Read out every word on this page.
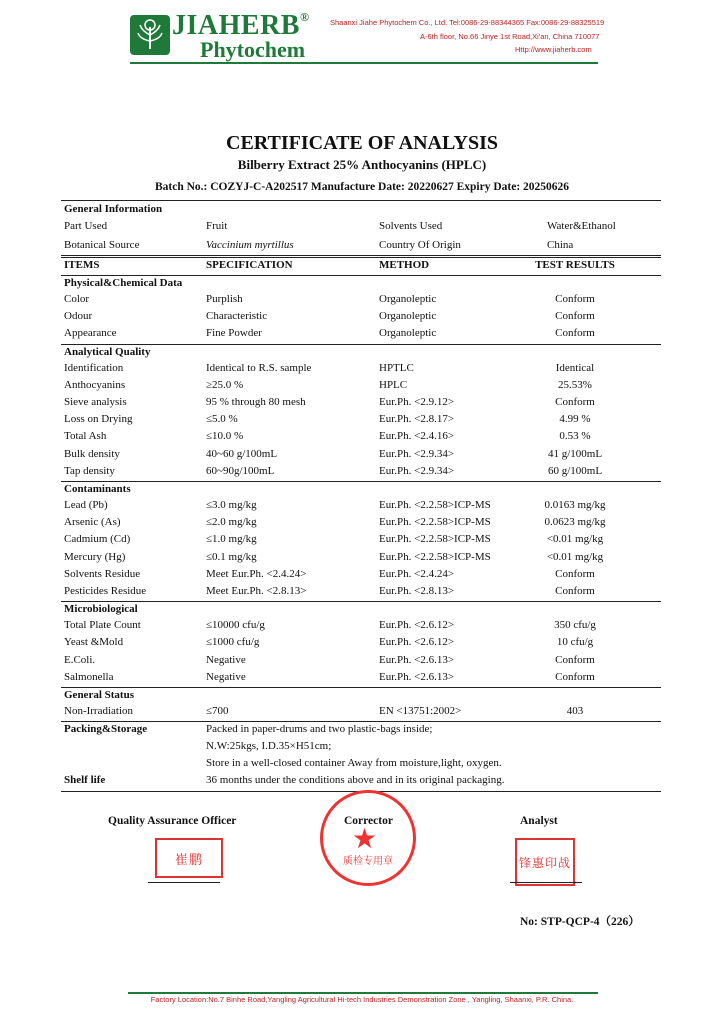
JIAHERB®
Phytochem
Shaanxi Jiahe Phytochem Co., Ltd. Tel:0086-29-88344365 Fax:0086-29-88325519
A-6th floor, No.66 Jinye 1st Road,Xi'an, China 710077
Http://www.jiaherb.com
CERTIFICATE OF ANALYSIS
Bilberry Extract 25% Anthocyanins (HPLC)
Batch No.: COZYJ-C-A202517 Manufacture Date: 20220627 Expiry Date: 20250626
General Information
Part Used	Fruit	Solvents Used	Water&Ethanol
Botanical Source	Vaccinium myrtillus	Country Of Origin	China
ITEMS	SPECIFICATION	METHOD	TEST RESULTS
Physical&Chemical Data
Color	Purplish	Organoleptic	Conform
Odour	Characteristic	Organoleptic	Conform
Appearance	Fine Powder	Organoleptic	Conform
Analytical Quality
Identification	Identical to R.S. sample	HPTLC	Identical
Anthocyanins	≥25.0 %	HPLC	25.53%
Sieve analysis	95 % through 80 mesh	Eur.Ph. <2.9.12>	Conform
Loss on Drying	≤5.0 %	Eur.Ph. <2.8.17>	4.99 %
Total Ash	≤10.0 %	Eur.Ph. <2.4.16>	0.53 %
Bulk density	40~60 g/100mL	Eur.Ph. <2.9.34>	41 g/100mL
Tap density	60~90g/100mL	Eur.Ph. <2.9.34>	60 g/100mL
Contaminants
Lead (Pb)	≤3.0 mg/kg	Eur.Ph. <2.2.58>ICP-MS	0.0163 mg/kg
Arsenic (As)	≤2.0 mg/kg	Eur.Ph. <2.2.58>ICP-MS	0.0623 mg/kg
Cadmium (Cd)	≤1.0 mg/kg	Eur.Ph. <2.2.58>ICP-MS	<0.01 mg/kg
Mercury (Hg)	≤0.1 mg/kg	Eur.Ph. <2.2.58>ICP-MS	<0.01 mg/kg
Solvents Residue	Meet Eur.Ph. <2.4.24>	Eur.Ph. <2.4.24>	Conform
Pesticides Residue	Meet Eur.Ph. <2.8.13>	Eur.Ph. <2.8.13>	Conform
Microbiological
Total Plate Count	≤10000 cfu/g	Eur.Ph. <2.6.12>	350 cfu/g
Yeast &Mold	≤1000 cfu/g	Eur.Ph. <2.6.12>	10 cfu/g
E.Coli.	Negative	Eur.Ph. <2.6.13>	Conform
Salmonella	Negative	Eur.Ph. <2.6.13>	Conform
General Status
Non-Irradiation	≤700	EN <13751:2002>	403
Packing&Storage	Packed in paper-drums and two plastic-bags inside;
N.W:25kgs, I.D.35×H51cm;
Store in a well-closed container Away from moisture,light, oxygen.
Shelf life	36 months under the conditions above and in its original packaging.
Quality Assurance Officer
崔鹏	质检专用章
★
Corrector	Analyst
锋惠印战
No: STP-QCP-4（226）
Factory Location:No.7 Binhe Road,Yangling Agricultural Hi-tech Industries Demonstration Zone , Yangling, Shaanxi, P.R. China.
